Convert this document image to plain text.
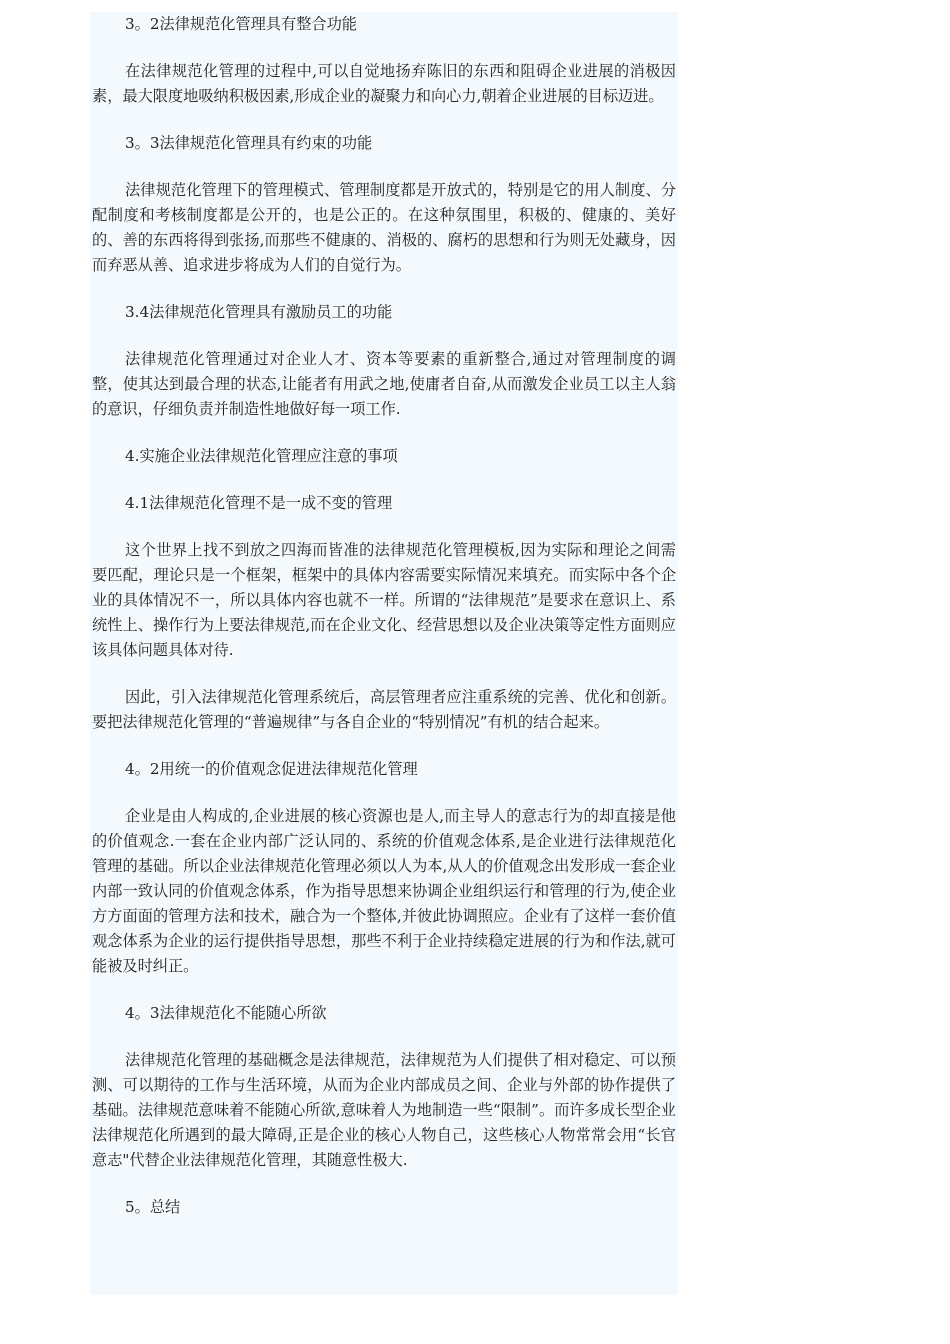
3。2法律规范化管理具有整合功能

在法律规范化管理的过程中,可以自觉地扬弃陈旧的东西和阻碍企业进展的消极因素，最大限度地吸纳积极因素,形成企业的凝聚力和向心力,朝着企业进展的目标迈进。

3。3法律规范化管理具有约束的功能

法律规范化管理下的管理模式、管理制度都是开放式的，特别是它的用人制度、分配制度和考核制度都是公开的，也是公正的。在这种氛围里，积极的、健康的、美好的、善的东西将得到张扬,而那些不健康的、消极的、腐朽的思想和行为则无处藏身，因而弃恶从善、追求进步将成为人们的自觉行为。

3.4法律规范化管理具有激励员工的功能

法律规范化管理通过对企业人才、资本等要素的重新整合,通过对管理制度的调整，使其达到最合理的状态,让能者有用武之地,使庸者自奋,从而激发企业员工以主人翁的意识，仔细负责并制造性地做好每一项工作.

4.实施企业法律规范化管理应注意的事项

4.1法律规范化管理不是一成不变的管理

这个世界上找不到放之四海而皆准的法律规范化管理模板,因为实际和理论之间需要匹配，理论只是一个框架，框架中的具体内容需要实际情况来填充。而实际中各个企业的具体情况不一，所以具体内容也就不一样。所谓的“法律规范”是要求在意识上、系统性上、操作行为上要法律规范,而在企业文化、经营思想以及企业决策等定性方面则应该具体问题具体对待.

因此，引入法律规范化管理系统后，高层管理者应注重系统的完善、优化和创新。要把法律规范化管理的“普遍规律”与各自企业的“特别情况”有机的结合起来。

4。2用统一的价值观念促进法律规范化管理

企业是由人构成的,企业进展的核心资源也是人,而主导人的意志行为的却直接是他的价值观念.一套在企业内部广泛认同的、系统的价值观念体系,是企业进行法律规范化管理的基础。所以企业法律规范化管理必须以人为本,从人的价值观念出发形成一套企业内部一致认同的价值观念体系，作为指导思想来协调企业组织运行和管理的行为,使企业方方面面的管理方法和技术，融合为一个整体,并彼此协调照应。企业有了这样一套价值观念体系为企业的运行提供指导思想，那些不利于企业持续稳定进展的行为和作法,就可能被及时纠正。

4。3法律规范化不能随心所欲

法律规范化管理的基础概念是法律规范，法律规范为人们提供了相对稳定、可以预测、可以期待的工作与生活环境，从而为企业内部成员之间、企业与外部的协作提供了基础。法律规范意味着不能随心所欲,意味着人为地制造一些“限制”。而许多成长型企业法律规范化所遇到的最大障碍,正是企业的核心人物自己，这些核心人物常常会用“长官意志"代替企业法律规范化管理，其随意性极大.

5。总结
